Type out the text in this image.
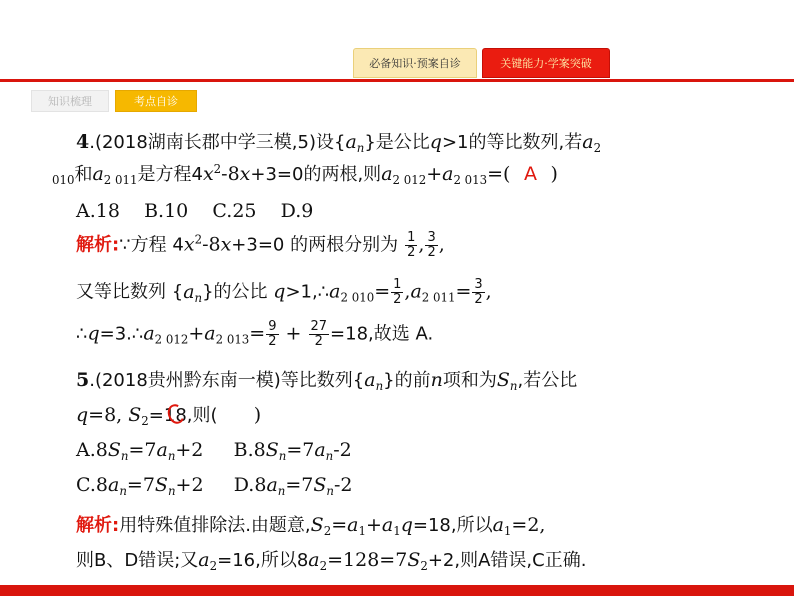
必备知识·预案自诊	关键能力·学案突破
知识梳理	考点自诊
4.(2018湖南长郡中学三模,5)设$\{a_n\}$是公比q>1的等比数列,若$a_2$
$_{010}$和$a_{2 011}$是方程$4x^2-8x+3=0$的两根,则$a_{2 012}+a_{2 013}=$( A )
A.18    B.10    C.25    D.9
解析:∵方程 $4x^2-8x+3=0$ 的两根分别为 $\frac{1}{2}$ , $\frac{3}{2}$ ,
又等比数列 $\{a_n\}$的公比 $q>1,\therefore a_{2 010}= \frac{1}{2} ,a_{2 011}= \frac{3}{2}$ ,
$\therefore q=3.\therefore a_{2 012}+a_{2 013}= \frac{9}{2} + \frac{27}{2} =18$,故选 A.
5.(2018贵州黔东南一模)等比数列$\{a_n\}$的前n项和为$S_n$,若公比
q=8, $S_2=18$,则( )
$A.8S_n=7a_n+2$     $B.8S_n=7a_n-2$
$C.8a_n=7S_n+2$     $D.8a_n=7S_n-2$
解析:用特殊值排除法.由题意$,S_2=a_1+a_1q=18$,所以$a_1=2$,
则B、D错误;又$a_2=16$,所以$8a_2=128=7S_2+2$,则A错误,C正确.
